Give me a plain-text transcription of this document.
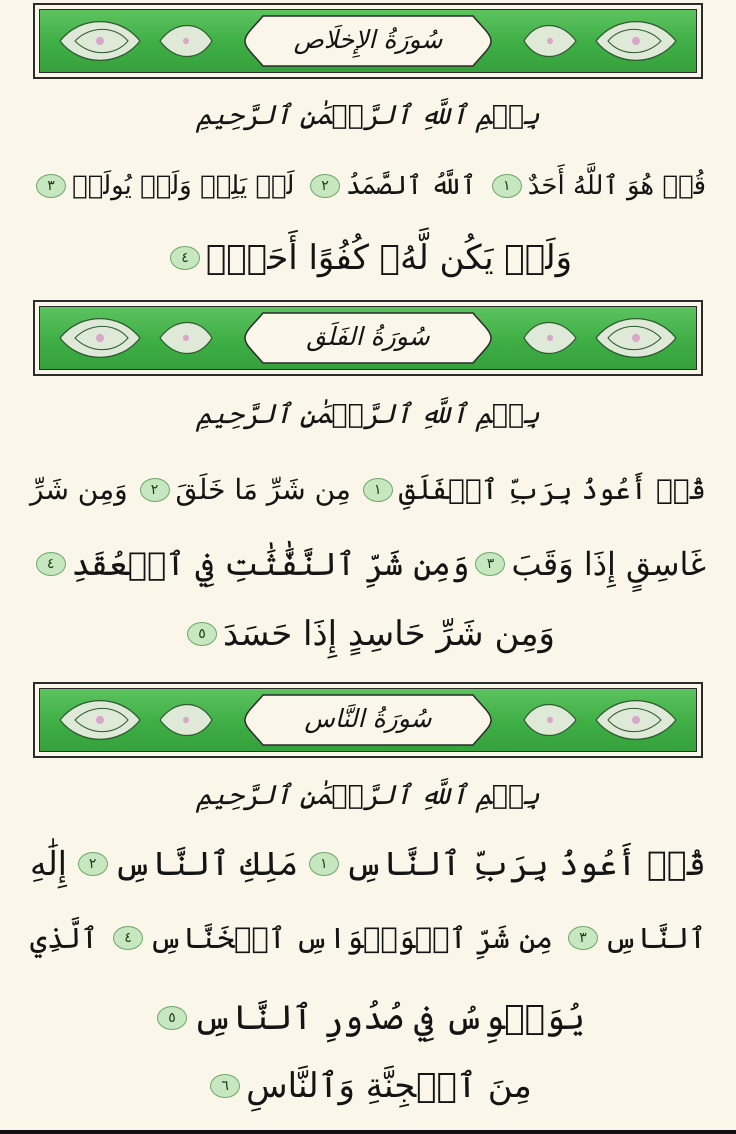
سُورَةُ الإِخلَاص
بِسۡمِ ٱللَّهِ ٱلرَّحۡمَٰنِ ٱلرَّحِيمِ
قُلۡ هُوَ ٱللَّهُ أَحَدٌ
١
ٱللَّهُ ٱلصَّمَدُ
٢
لَمۡ يَلِدۡ وَلَمۡ يُولَدۡ
٣
وَلَمۡ يَكُن لَّهُۥ كُفُوًا أَحَدُۢ
٤
سُورَةُ الفَلَق
بِسۡمِ ٱللَّهِ ٱلرَّحۡمَٰنِ ٱلرَّحِيمِ
قُلۡ أَعُوذُ بِرَبِّ ٱلۡفَلَقِ
١
مِن شَرِّ مَا خَلَقَ
٢
وَمِن شَرِّ
غَاسِقٍ إِذَا وَقَبَ
٣
وَمِن شَرِّ ٱلنَّفَّٰثَٰتِ فِي ٱلۡعُقَدِ
٤
وَمِن شَرِّ حَاسِدٍ إِذَا حَسَدَ
٥
سُورَةُ النَّاس
بِسۡمِ ٱللَّهِ ٱلرَّحۡمَٰنِ ٱلرَّحِيمِ
قُلۡ أَعُوذُ بِرَبِّ ٱلنَّاسِ
١
مَلِكِ ٱلنَّاسِ
٢
إِلَٰهِ
ٱلنَّاسِ
٣
مِن شَرِّ ٱلۡوَسۡوَاسِ ٱلۡخَنَّاسِ
٤
ٱلَّذِي
يُوَسۡوِسُ فِي صُدُورِ ٱلنَّاسِ
٥
مِنَ ٱلۡجِنَّةِ وَٱلنَّاسِ
٦
